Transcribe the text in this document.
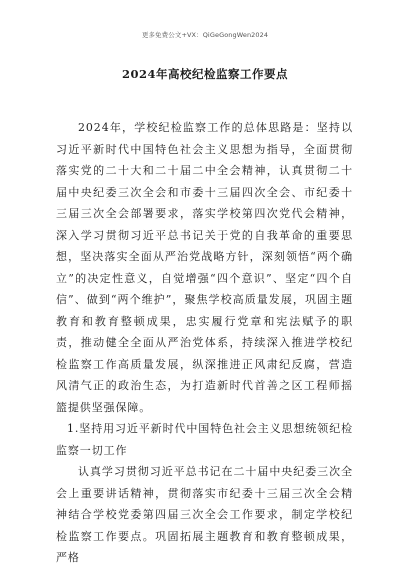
更多免费公文+VX：QiGeGongWen2024
2024年高校纪检监察工作要点

2024年，学校纪检监察工作的总体思路是：坚持以习近平新时代中国特色社会主义思想为指导，全面贯彻落实党的二十大和二十届二中全会精神，认真贯彻二十届中央纪委三次全会和市委十三届四次全会、市纪委十三届三次全会部署要求，落实学校第四次党代会精神，深入学习贯彻习近平总书记关于党的自我革命的重要思想，坚决落实全面从严治党战略方针，深刻领悟“两个确立”的决定性意义，自觉增强“四个意识”、坚定“四个自信”、做到“两个维护”，聚焦学校高质量发展，巩固主题教育和教育整顿成果，忠实履行党章和宪法赋予的职责，推动健全全面从严治党体系，持续深入推进学校纪检监察工作高质量发展，纵深推进正风肃纪反腐，营造风清气正的政治生态，为打造新时代首善之区工程师摇篮提供坚强保障。

1.坚持用习近平新时代中国特色社会主义思想统领纪检监察一切工作

认真学习贯彻习近平总书记在二十届中央纪委三次全会上重要讲话精神，贯彻落实市纪委十三届三次全会精神结合学校党委第四届三次全会工作要求，制定学校纪检监察工作要点。巩固拓展主题教育和教育整顿成果，严格
